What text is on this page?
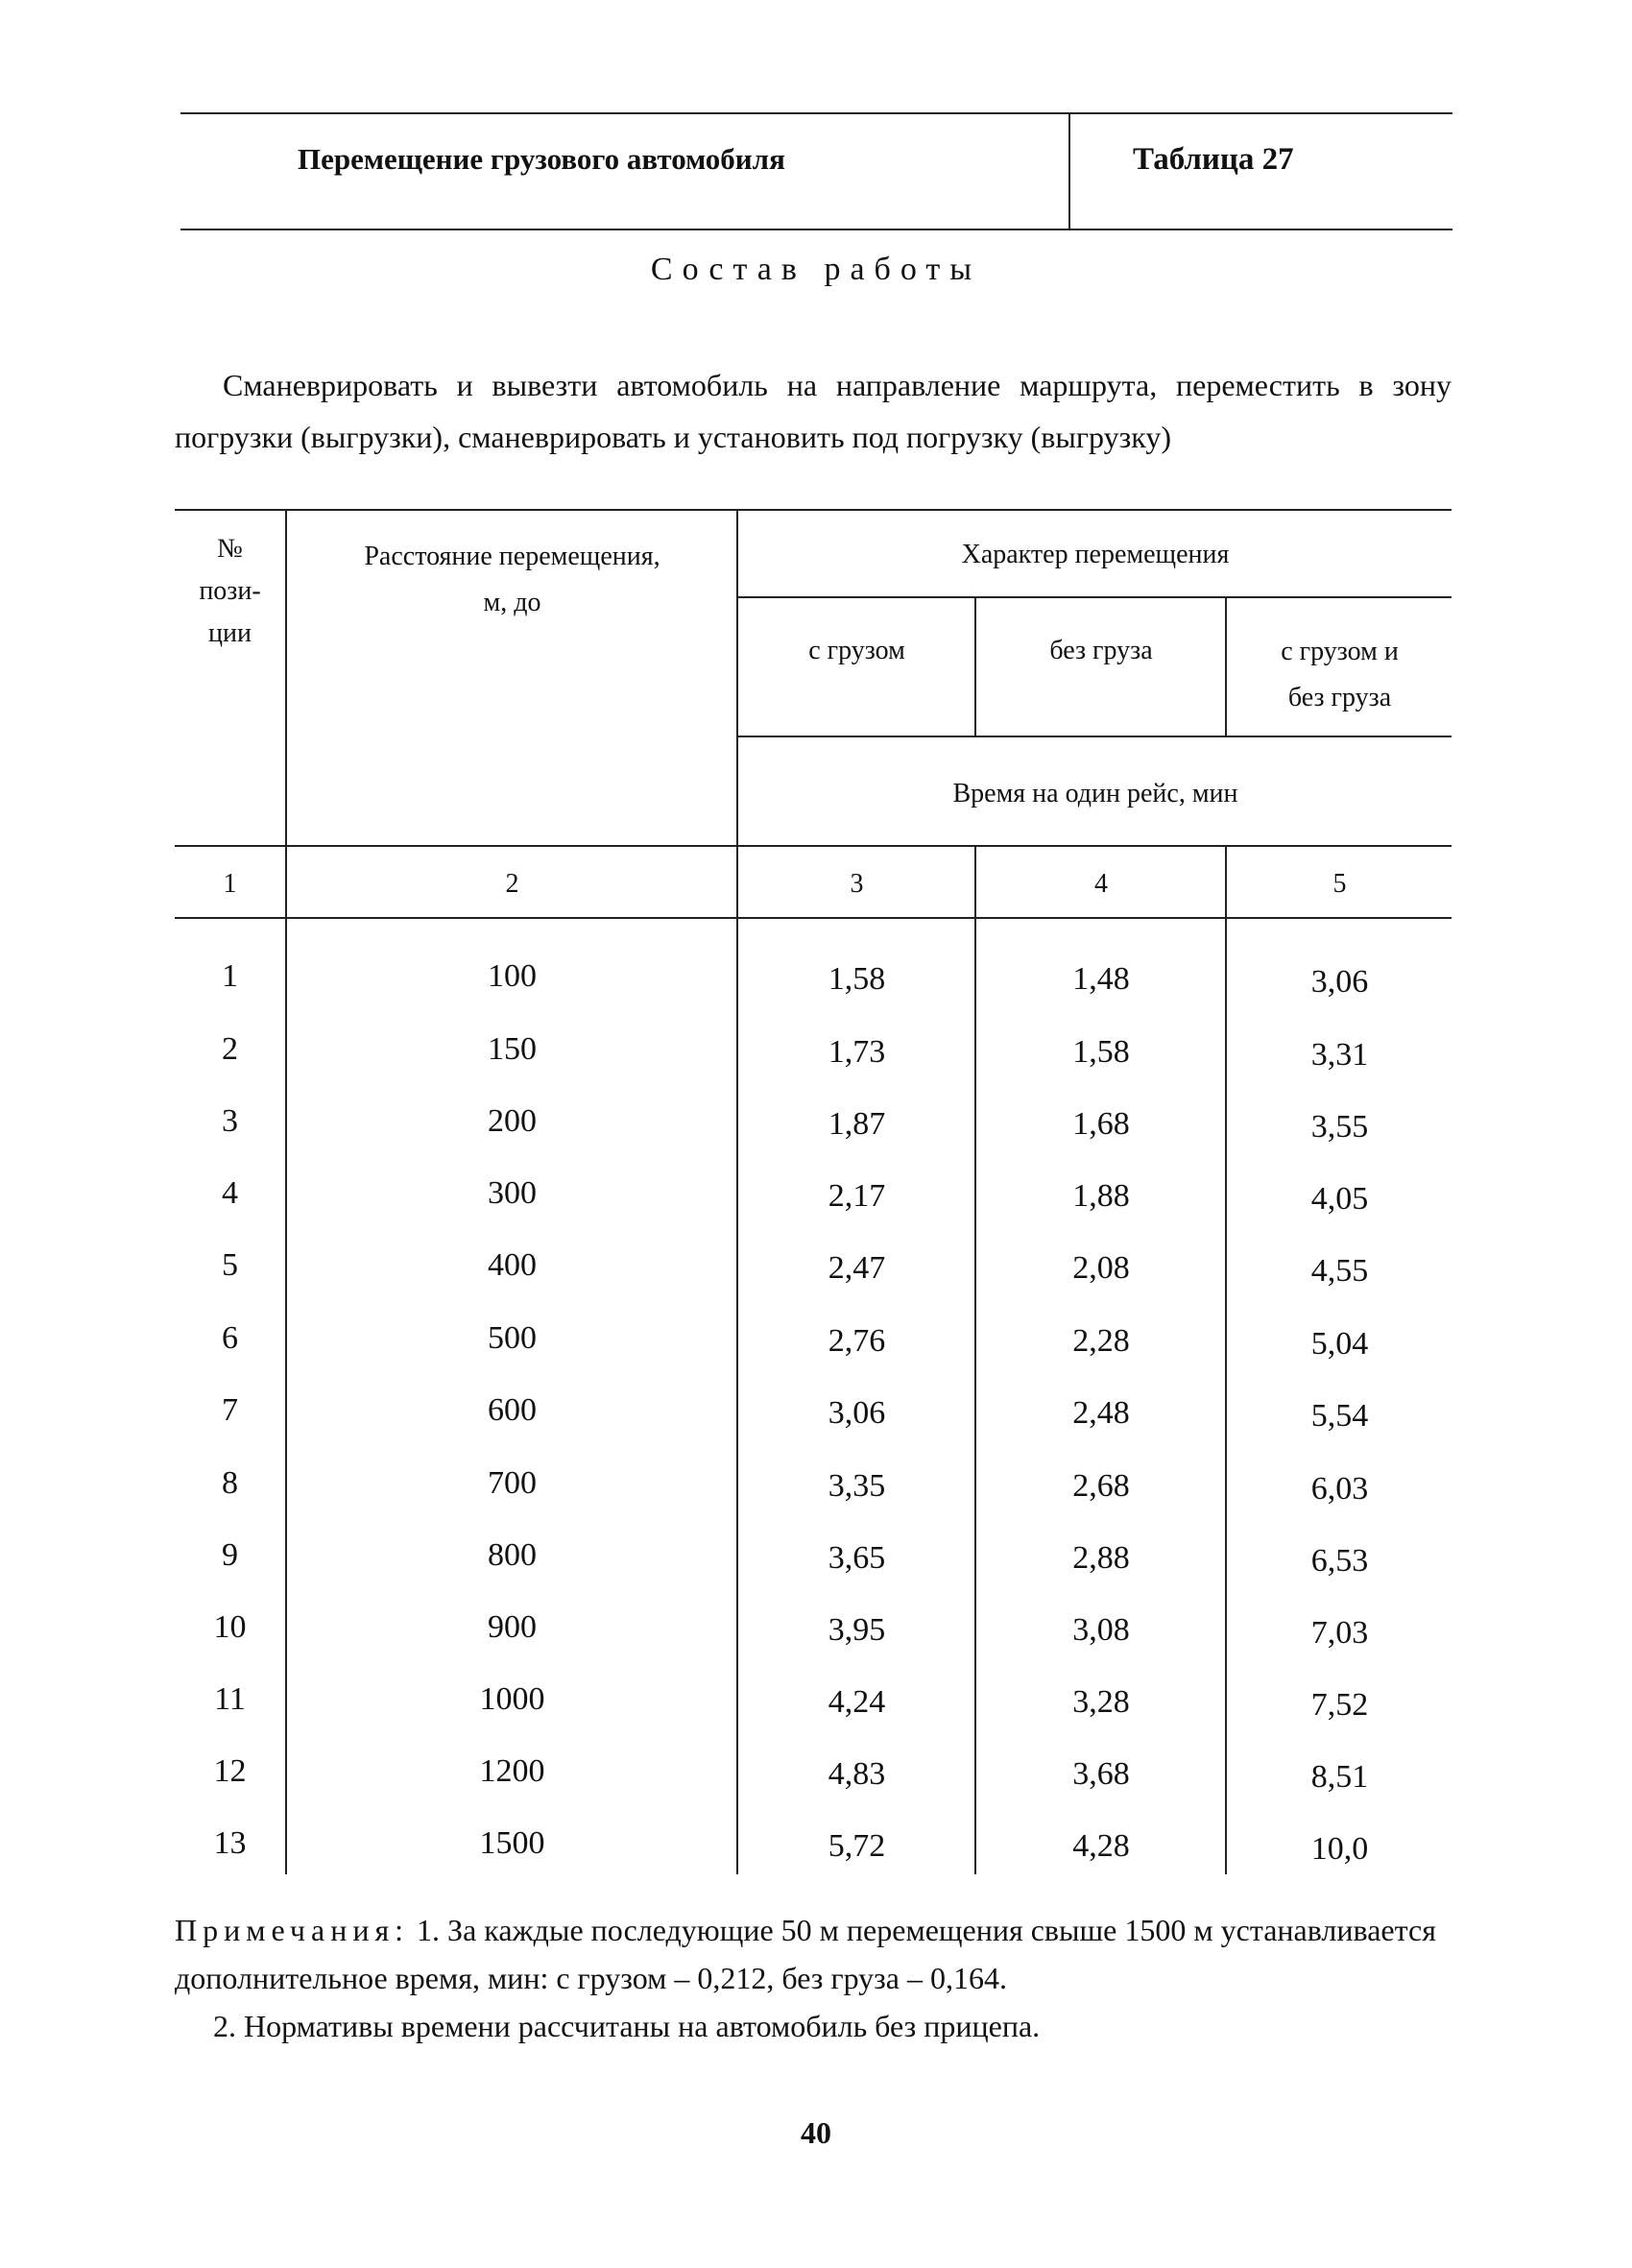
Перемещение грузового автомобиля	Таблица 27
Состав работы
Сманеврировать и вывезти автомобиль на направление маршрута, переместить в зону погрузки (выгрузки), сманеврировать и установить под погрузку (выгрузку)
№
пози-
ции
Расстояние перемещения,
м, до
Характер перемещения
с грузом	без груза	с грузом и
без груза
Время на один рейс, мин
1	2	3	4	5
1	100	1,58	1,48	3,06
2	150	1,73	1,58	3,31
3	200	1,87	1,68	3,55
4	300	2,17	1,88	4,05
5	400	2,47	2,08	4,55
6	500	2,76	2,28	5,04
7	600	3,06	2,48	5,54
8	700	3,35	2,68	6,03
9	800	3,65	2,88	6,53
10	900	3,95	3,08	7,03
11	1000	4,24	3,28	7,52
12	1200	4,83	3,68	8,51
13	1500	5,72	4,28	10,0
Примечания: 1. За каждые последующие 50 м перемещения свыше 1500 м устанавливается дополнительное время, мин: с грузом – 0,212, без груза – 0,164.
2. Нормативы времени рассчитаны на автомобиль без прицепа.
40
